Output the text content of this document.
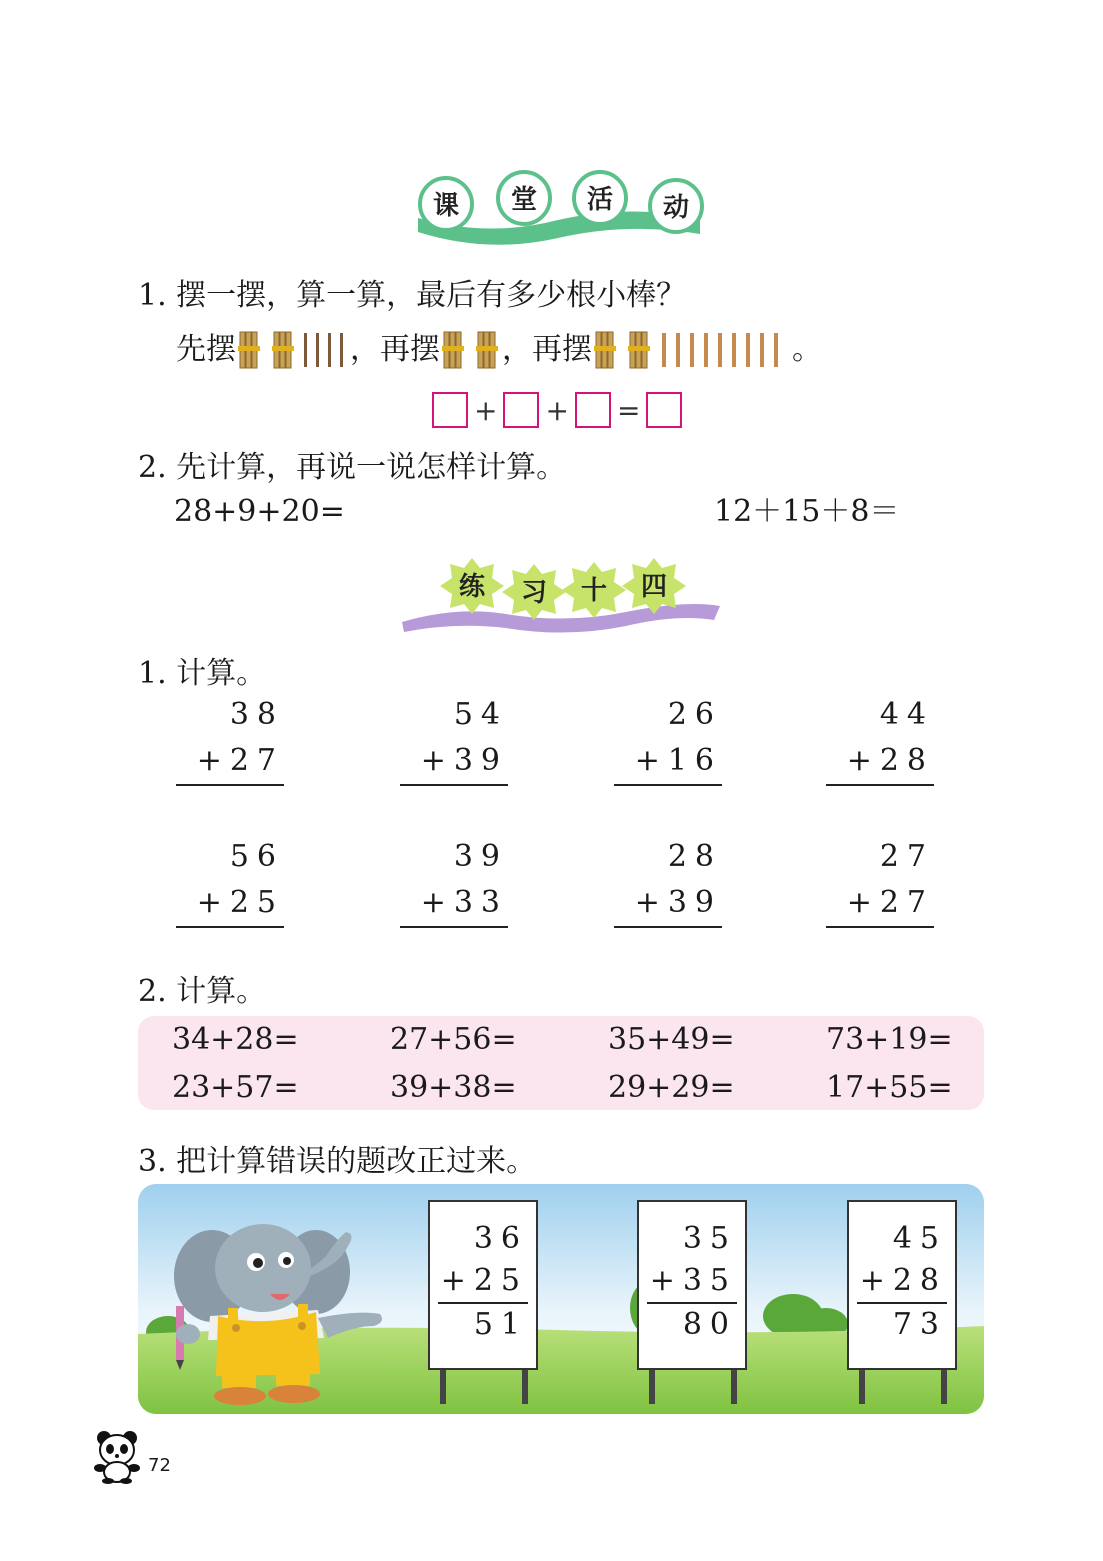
课 堂 活 动
1. 摆一摆，算一算，最后有多少根小棒？
先摆	，再摆 ，再摆	。
+ + =
2. 先计算，再说一说怎样计算。
28+9+20=	12＋15＋8＝
练 习 十 四
1. 计算。
38
+27
54
+39
26
+16
44
+28
56
+25
39
+33
28
+39
27
+27
2. 计算。
34+28=	27+56=	35+49=	73+19=
23+57=	39+38=	29+29=	17+55=
3. 把计算错误的题改正过来。
36
+25
51
35
+35
80
45
+28
73
72
